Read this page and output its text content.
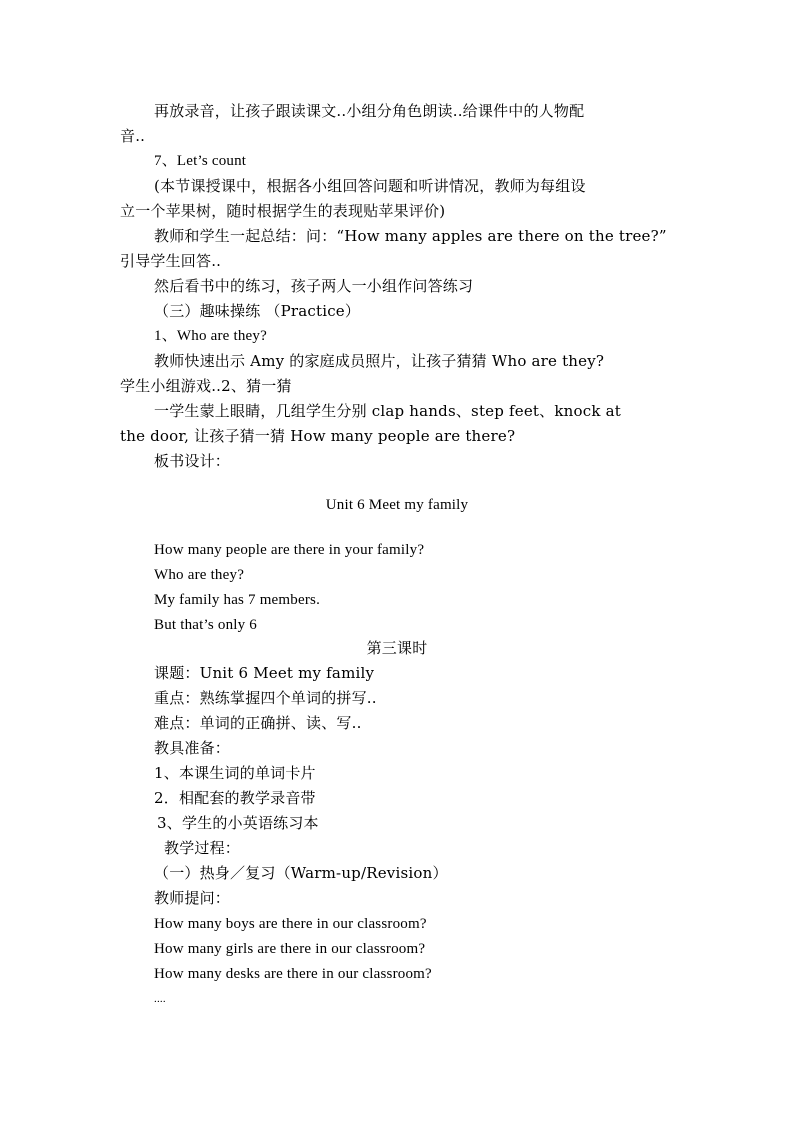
再放录音，让孩子跟读课文..小组分角色朗读..给课件中的人物配
音..
7、Let’s count
(本节课授课中，根据各小组回答问题和听讲情况，教师为每组设
立一个苹果树，随时根据学生的表现贴苹果评价)
教师和学生一起总结：问：“How many apples are there on the tree?”
引导学生回答..
然后看书中的练习，孩子两人一小组作问答练习
（三）趣味操练 （Practice）
1、Who are they?
教师快速出示 Amy 的家庭成员照片，让孩子猜猜 Who are they?
学生小组游戏..2、猜一猜
一学生蒙上眼睛，几组学生分别 clap hands、step feet、knock at
the door, 让孩子猜一猜 How many people are there?
板书设计：
Unit 6 Meet my family
How many people are there in your family?
Who are they?
My family has 7 members.
But that’s only 6
第三课时
课题：Unit 6 Meet my family
重点：熟练掌握四个单词的拼写..
难点：单词的正确拼、读、写..
教具准备：
1、本课生词的单词卡片
2．相配套的教学录音带
3、学生的小英语练习本
教学过程：
（一）热身／复习（Warm-up/Revision）
教师提问：
How many boys are there in our classroom?
How many girls are there in our classroom?
How many desks are there in our classroom?
....
